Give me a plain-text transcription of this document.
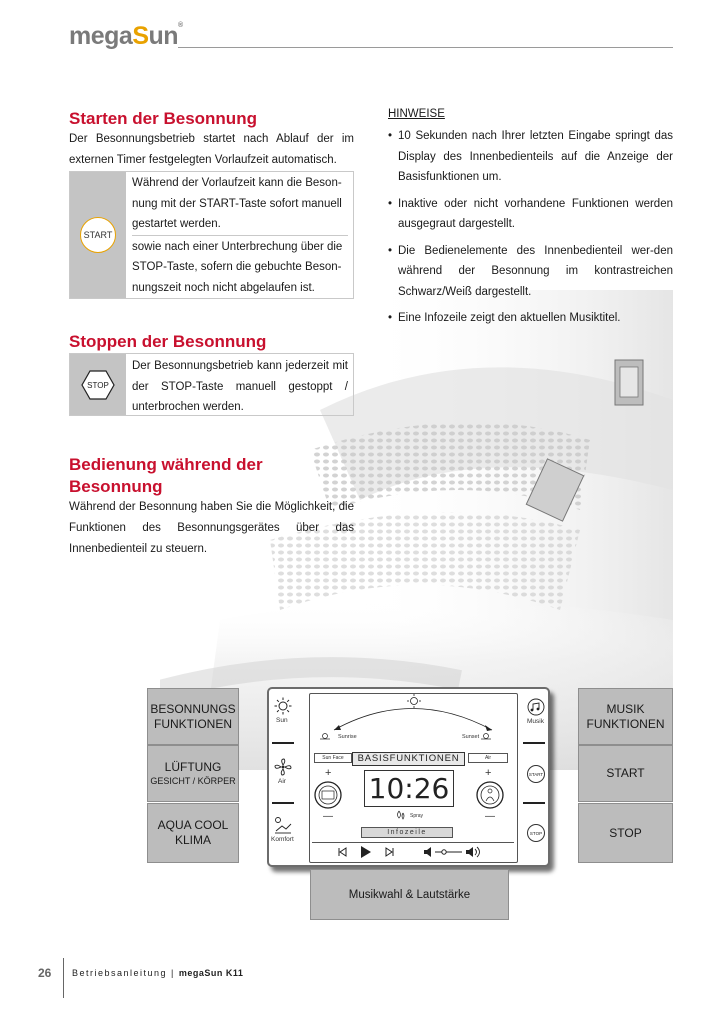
megaSun®
Starten der Besonnung
Der Besonnungsbetrieb startet nach Ablauf der im externen Timer festgelegten Vorlaufzeit automatisch.
START
Während der Vorlaufzeit kann die Beson-nung mit der START-Taste sofort manuell gestartet werden.
sowie nach einer Unterbrechung über die STOP-Taste, sofern die gebuchte Beson-nungszeit noch nicht abgelaufen ist.
Stoppen der Besonnung
STOP
Der Besonnungsbetrieb kann jederzeit mit der STOP-Taste manuell gestoppt / unterbrochen werden.
Bedienung während der
Besonnung
Während der Besonnung haben Sie die Möglichkeit, die Funktionen des Besonnungsgerätes über das Innenbedienteil zu steuern.
HINWEISE
• 10 Sekunden nach Ihrer letzten Eingabe springt das Display des Innenbedienteils auf die Anzeige der Basisfunktionen um.
• Inaktive oder nicht vorhandene Funktionen werden ausgegraut dargestellt.
• Die Bedienelemente des Innenbedienteil wer-den während der Besonnung im kontrastreichen Schwarz/Weiß dargestellt.
• Eine Infozeile zeigt den aktuellen Musiktitel.
BESONNUNGS
FUNKTIONEN
LÜFTUNG
GESICHT / KÖRPER
AQUA COOL
KLIMA
MUSIK
FUNKTIONEN
START
STOP
Sun
Air
Komfort
Musik
START
STOP
Sunrise	Sunset
Sun Face	Air
BASISFUNKTIONEN
10:26
+
—
+
—
Spray
Infozeile
Musikwahl & Lautstärke
26 Betriebsanleitung | megaSun K11
